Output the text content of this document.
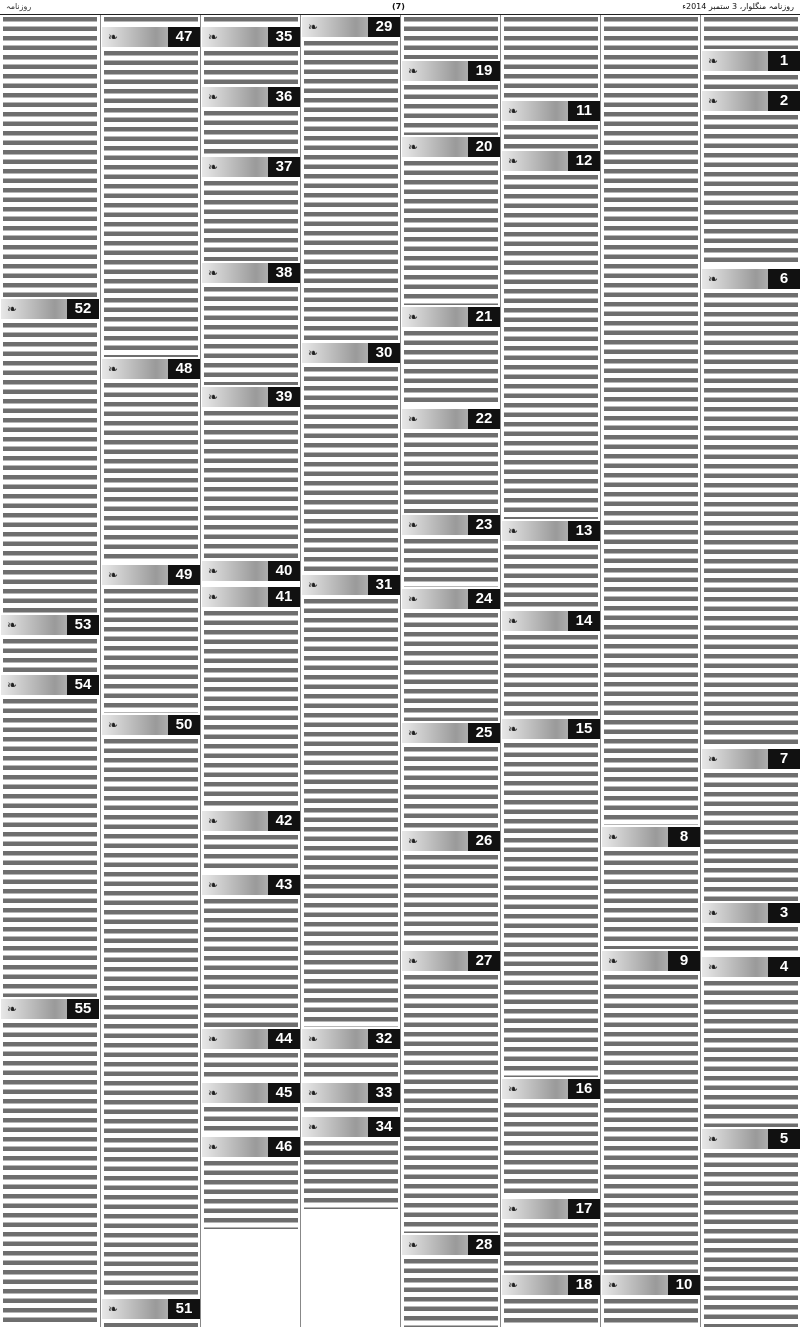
روزنامہ منگلوار، 3 ستمبر 2014ء
(7)
روزنامہ
❧	1
❧	2
❧	6
❧	7
❧	3
❧	4
❧	5
❧	8
❧	9
❧	10
❧	11
❧	12
❧	13
❧	14
❧	15
❧	16
❧	17
❧	18
❧	19
❧	20
❧	21
❧	22
❧	23
❧	24
❧	25
❧	26
❧	27
❧	28
❧	29
❧	30
❧	31
❧	32
❧	33
❧	34
❧	35
❧	36
❧	37
❧	38
❧	39
❧	40
❧	41
❧	42
❧	43
❧	44
❧	45
❧	46
❧	47
❧	48
❧	49
❧	50
❧	51
❧	52
❧	53
❧	54
❧	55
